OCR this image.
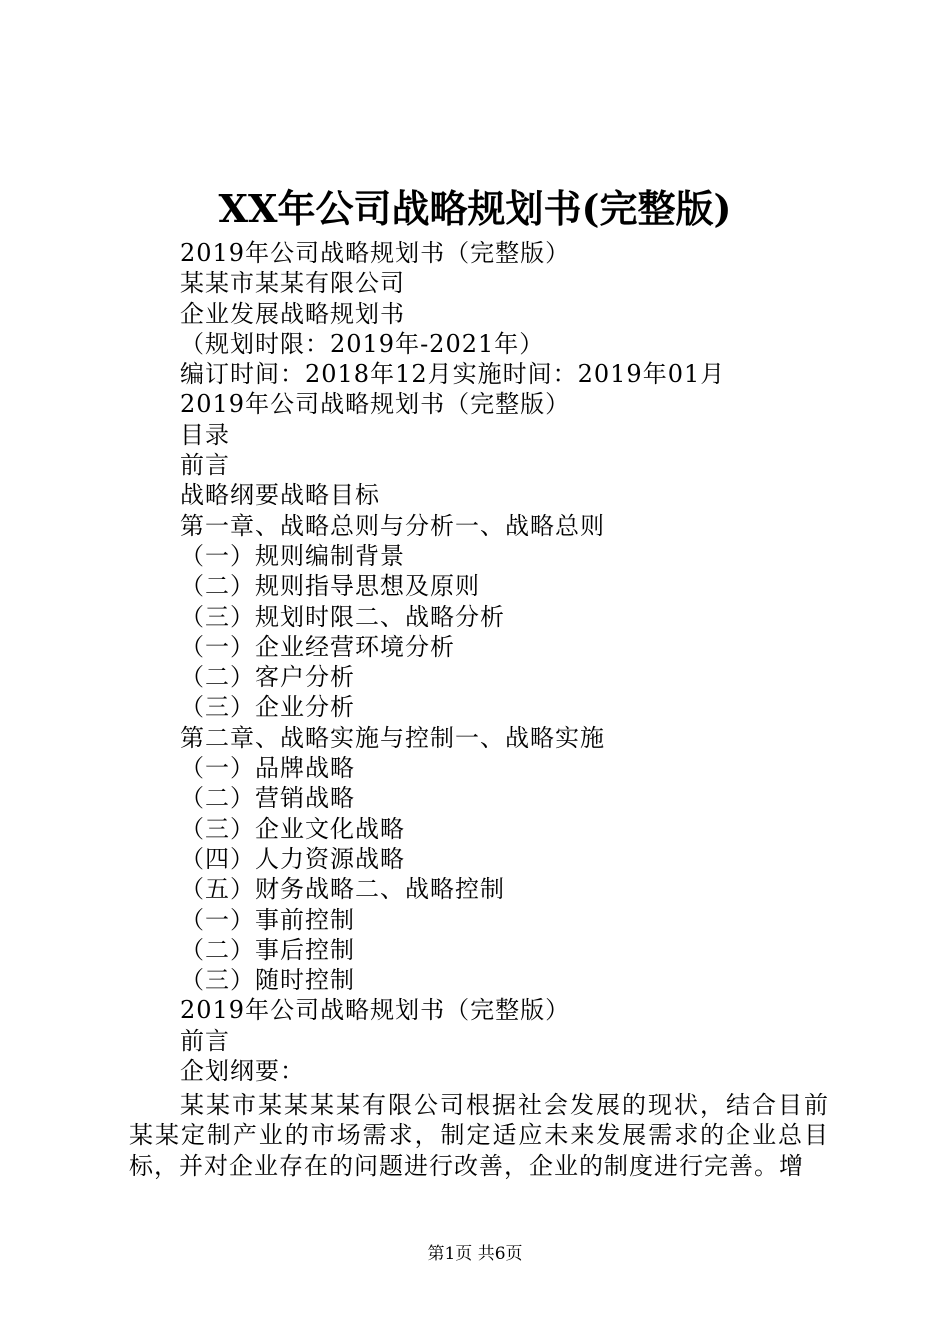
XX年公司战略规划书(完整版)
2019年公司战略规划书（完整版）
某某市某某有限公司
企业发展战略规划书
（规划时限：2019年-2021年）
编订时间：2018年12月实施时间：2019年01月
2019年公司战略规划书（完整版）
目录
前言
战略纲要战略目标
第一章、战略总则与分析一、战略总则
（一）规则编制背景
（二）规则指导思想及原则
（三）规划时限二、战略分析
（一）企业经营环境分析
（二）客户分析
（三）企业分析
第二章、战略实施与控制一、战略实施
（一）品牌战略
（二）营销战略
（三）企业文化战略
（四）人力资源战略
（五）财务战略二、战略控制
（一）事前控制
（二）事后控制
（三）随时控制
2019年公司战略规划书（完整版）
前言
企划纲要：

某某市某某某某有限公司根据社会发展的现状，结合目前某某定制产业的市场需求，制定适应未来发展需求的企业总目标，并对企业存在的问题进行改善，企业的制度进行完善。增

第1页 共6页
